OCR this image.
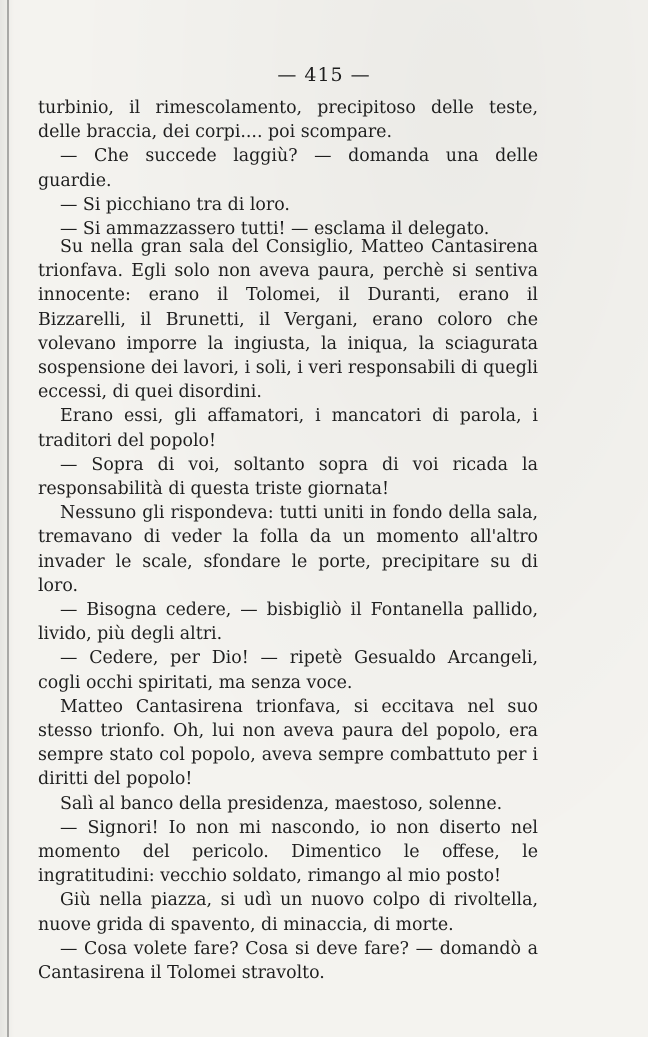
— 415 —

turbinio, il rimescolamento, precipitoso delle teste, delle braccia, dei corpi.... poi scompare.

— Che succede laggiù? — domanda una delle guardie.

— Si picchiano tra di loro.

— Si ammazzassero tutti! — esclama il delegato.

Su nella gran sala del Consiglio, Matteo Cantasirena trionfava. Egli solo non aveva paura, perchè si sentiva innocente: erano il Tolomei, il Duranti, erano il Bizzarelli, il Brunetti, il Vergani, erano coloro che volevano imporre la ingiusta, la iniqua, la sciagurata sospensione dei lavori, i soli, i veri responsabili di quegli eccessi, di quei disordini.

Erano essi, gli affamatori, i mancatori di parola, i traditori del popolo!

— Sopra di voi, soltanto sopra di voi ricada la responsabilità di questa triste giornata!

Nessuno gli rispondeva: tutti uniti in fondo della sala, tremavano di veder la folla da un momento all'altro invader le scale, sfondare le porte, precipitare su di loro.

— Bisogna cedere, — bisbigliò il Fontanella pallido, livido, più degli altri.

— Cedere, per Dio! — ripetè Gesualdo Arcangeli, cogli occhi spiritati, ma senza voce.

Matteo Cantasirena trionfava, si eccitava nel suo stesso trionfo. Oh, lui non aveva paura del popolo, era sempre stato col popolo, aveva sempre combattuto per i diritti del popolo!

Salì al banco della presidenza, maestoso, solenne.

— Signori! Io non mi nascondo, io non diserto nel momento del pericolo. Dimentico le offese, le ingratitudini: vecchio soldato, rimango al mio posto!

Giù nella piazza, si udì un nuovo colpo di rivoltella, nuove grida di spavento, di minaccia, di morte.

— Cosa volete fare? Cosa si deve fare? — domandò a Cantasirena il Tolomei stravolto.
